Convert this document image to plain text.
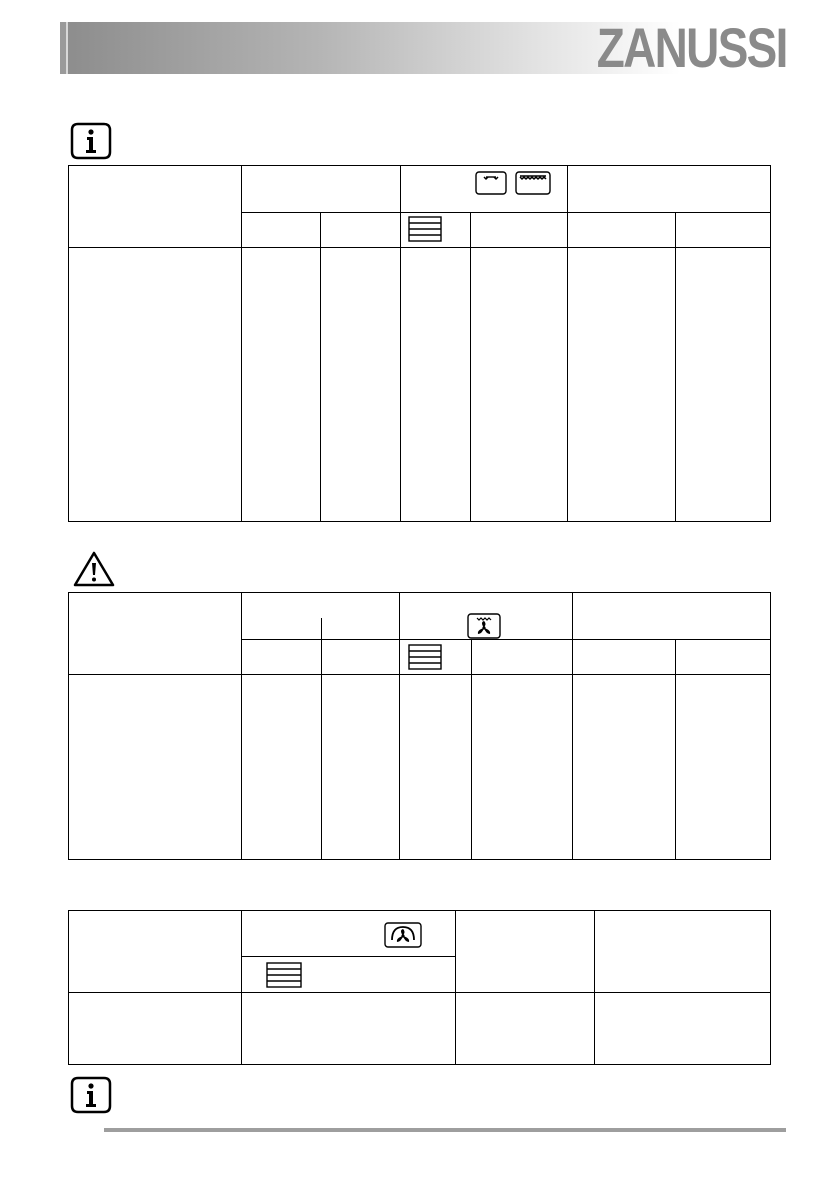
ZANUSSI
